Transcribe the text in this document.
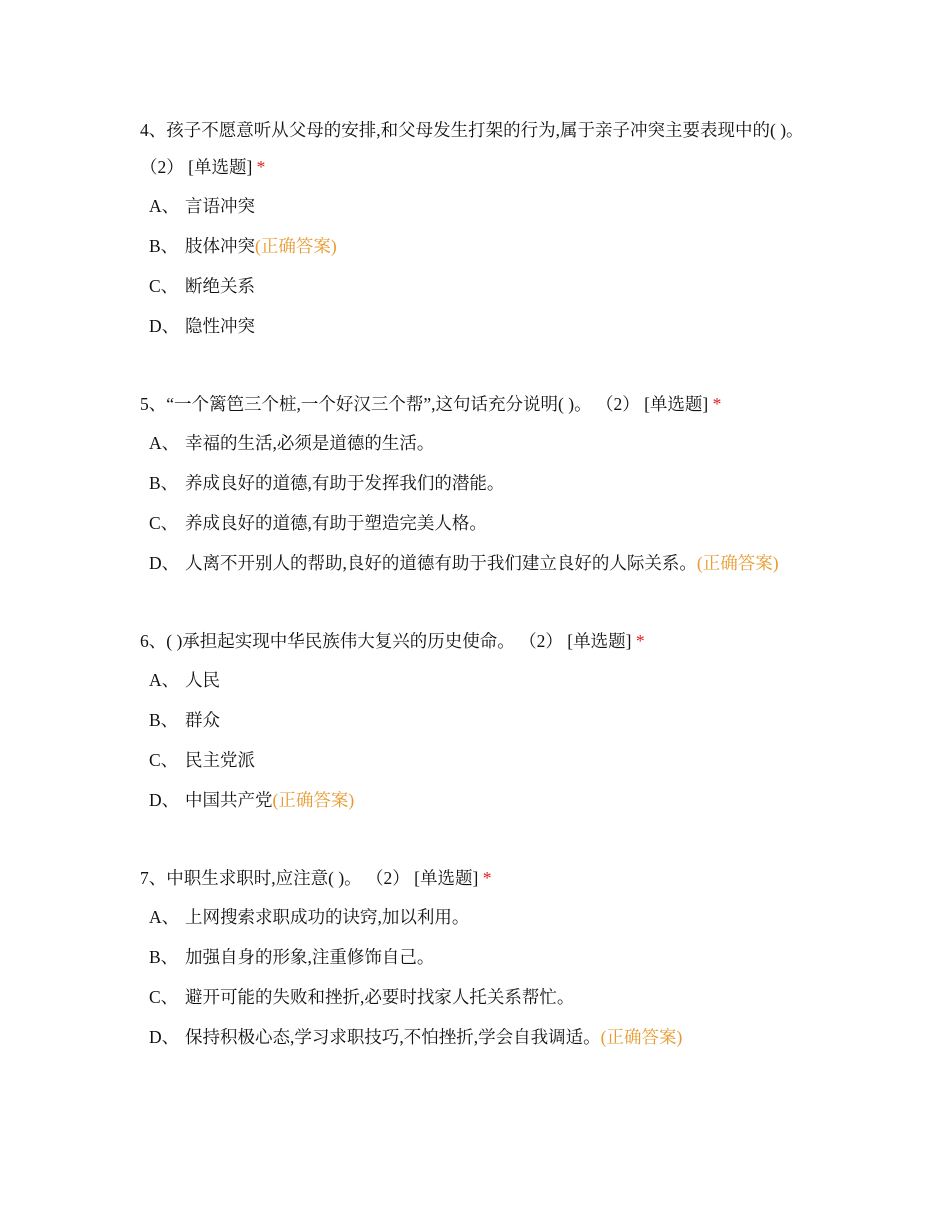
4、孩子不愿意听从父母的安排,和父母发生打架的行为,属于亲子冲突主要表现中的( )。 （2） [单选题] *

A、 言语冲突
B、 肢体冲突(正确答案)
C、 断绝关系
D、 隐性冲突

5、“一个篱笆三个桩,一个好汉三个帮”,这句话充分说明( )。 （2） [单选题] *

A、 幸福的生活,必须是道德的生活。
B、 养成良好的道德,有助于发挥我们的潜能。
C、 养成良好的道德,有助于塑造完美人格。
D、 人离不开别人的帮助,良好的道德有助于我们建立良好的人际关系。(正确答案)

6、( )承担起实现中华民族伟大复兴的历史使命。 （2） [单选题] *

A、 人民
B、 群众
C、 民主党派
D、 中国共产党(正确答案)

7、中职生求职时,应注意( )。 （2） [单选题] *

A、 上网搜索求职成功的诀窍,加以利用。
B、 加强自身的形象,注重修饰自己。
C、 避开可能的失败和挫折,必要时找家人托关系帮忙。
D、 保持积极心态,学习求职技巧,不怕挫折,学会自我调适。(正确答案)
